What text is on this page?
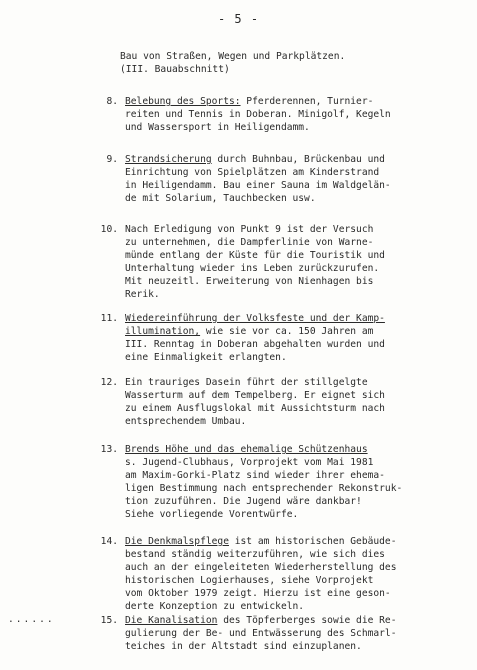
- 5 -
Bau von Straßen, Wegen und Parkplätzen.
(III. Bauabschnitt)
8. Belebung des Sports: Pferderennen, Turnier-
reiten und Tennis in Doberan. Minigolf, Kegeln
und Wassersport in Heiligendamm.
9. Strandsicherung durch Buhnbau, Brückenbau und
Einrichtung von Spielplätzen am Kinderstrand
in Heiligendamm. Bau einer Sauna im Waldgelän-
de mit Solarium, Tauchbecken usw.
10. Nach Erledigung von Punkt 9 ist der Versuch
zu unternehmen, die Dampferlinie von Warne-
münde entlang der Küste für die Touristik und
Unterhaltung wieder ins Leben zurückzurufen.
Mit neuzeitl. Erweiterung von Nienhagen bis
Rerik.
11. Wiedereinführung der Volksfeste und der Kamp-
illumination, wie sie vor ca. 150 Jahren am
III. Renntag in Doberan abgehalten wurden und
eine Einmaligkeit erlangten.
12. Ein trauriges Dasein führt der stillgelgte
Wasserturm auf dem Tempelberg. Er eignet sich
zu einem Ausflugslokal mit Aussichtsturm nach
entsprechendem Umbau.
13. Brends Höhe und das ehemalige Schützenhaus
s. Jugend-Clubhaus, Vorprojekt vom Mai 1981
am Maxim-Gorki-Platz sind wieder ihrer ehema-
ligen Bestimmung nach entsprechender Rekonstruk-
tion zuzuführen. Die Jugend wäre dankbar!
Siehe vorliegende Vorentwürfe.
14. Die Denkmalspflege ist am historischen Gebäude-
bestand ständig weiterzuführen, wie sich dies
auch an der eingeleiteten Wiederherstellung des
historischen Logierhauses, siehe Vorprojekt
vom Oktober 1979 zeigt. Hierzu ist eine geson-
derte Konzeption zu entwickeln.
......	15. Die Kanalisation des Töpferberges sowie die Re-
gulierung der Be- und Entwässerung des Schmarl-
teiches in der Altstadt sind einzuplanen.
